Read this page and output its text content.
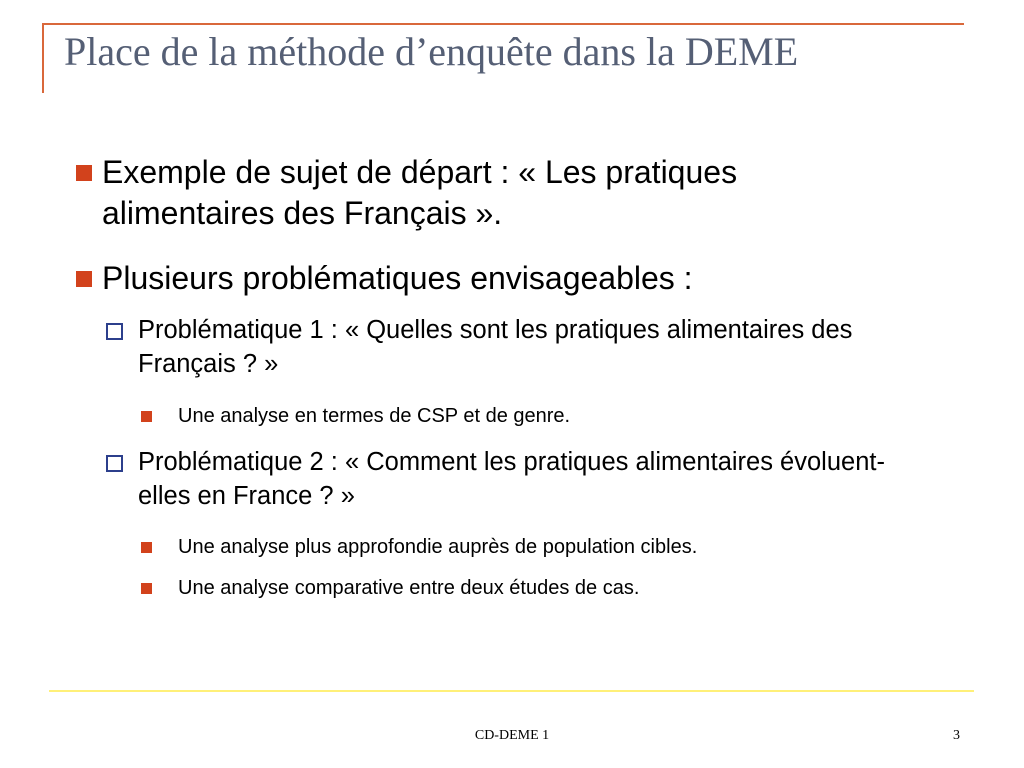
Place de la méthode d’enquête dans la DEME
Exemple de sujet de départ : « Les pratiques alimentaires des Français ».
Plusieurs problématiques envisageables :
Problématique 1 : « Quelles sont les pratiques alimentaires des Français ? »
Une analyse en termes de CSP et de genre.
Problématique 2 : « Comment les pratiques alimentaires évoluent-elles en France ? »
Une analyse plus approfondie auprès de population cibles.
Une analyse comparative entre deux études de cas.
CD-DEME 1	3
